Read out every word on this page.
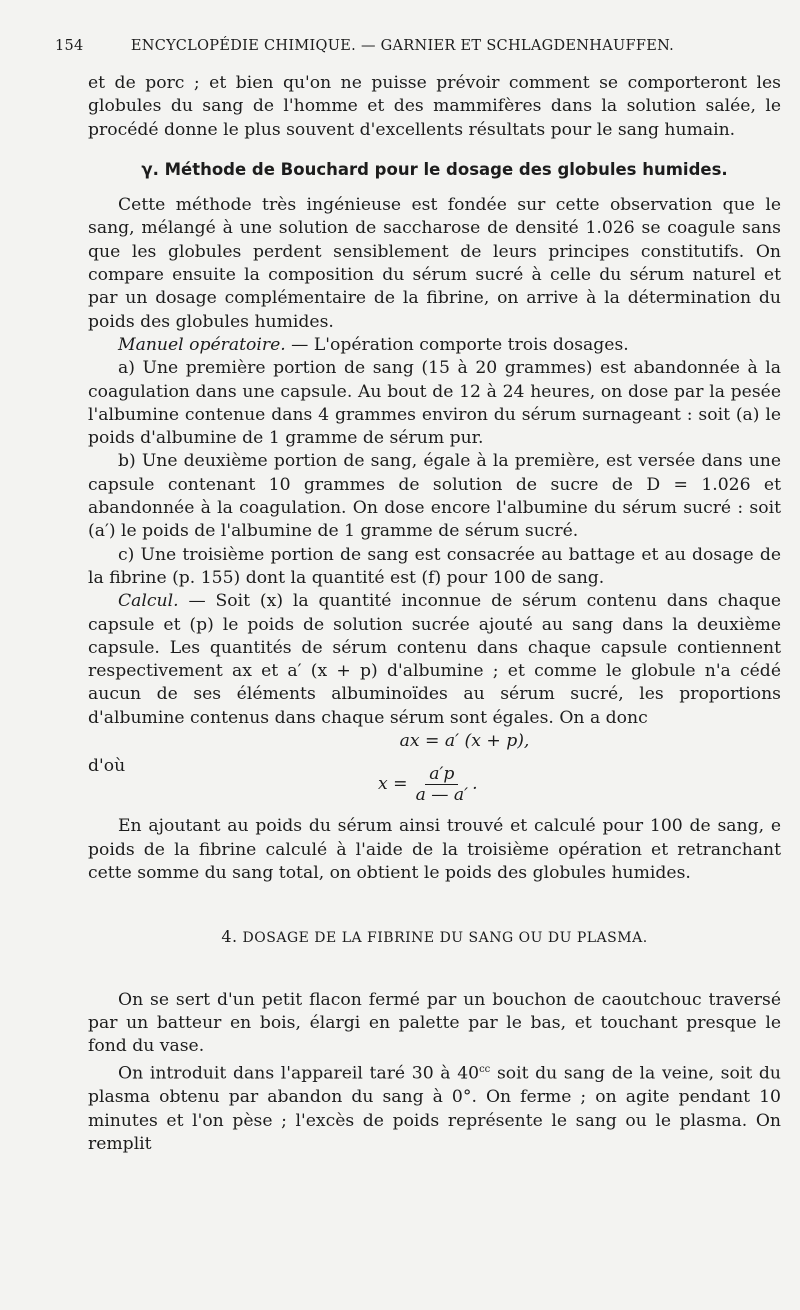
154	ENCYCLOPÉDIE CHIMIQUE. — GARNIER ET SCHLAGDENHAUFFEN.

et de porc ; et bien qu'on ne puisse prévoir comment se comporteront les globules du sang de l'homme et des mammifères dans la solution salée, le procédé donne le plus souvent d'excellents résultats pour le sang humain.

γ. Méthode de Bouchard pour le dosage des globules humides.

Cette méthode très ingénieuse est fondée sur cette observation que le sang, mélangé à une solution de saccharose de densité 1.026 se coagule sans que les globules perdent sensiblement de leurs principes constitutifs. On compare ensuite la composition du sérum sucré à celle du sérum naturel et par un dosage complémentaire de la fibrine, on arrive à la détermination du poids des globules humides.

Manuel opératoire. — L'opération comporte trois dosages.

a) Une première portion de sang (15 à 20 grammes) est abandonnée à la coagulation dans une capsule. Au bout de 12 à 24 heures, on dose par la pesée l'albumine contenue dans 4 grammes environ du sérum surnageant : soit (a) le poids d'albumine de 1 gramme de sérum pur.

b) Une deuxième portion de sang, égale à la première, est versée dans une capsule contenant 10 grammes de solution de sucre de D = 1.026 et abandonnée à la coagulation. On dose encore l'albumine du sérum sucré : soit (a′) le poids de l'albumine de 1 gramme de sérum sucré.

c) Une troisième portion de sang est consacrée au battage et au dosage de la fibrine (p. 155) dont la quantité est (f) pour 100 de sang.

Calcul. — Soit (x) la quantité inconnue de sérum contenu dans chaque capsule et (p) le poids de solution sucrée ajouté au sang dans la deuxième capsule. Les quantités de sérum contenu dans chaque capsule contiennent respectivement ax et a′ (x + p) d'albumine ; et comme le globule n'a cédé aucun de ses éléments albuminoïdes au sérum sucré, les proportions d'albumine contenus dans chaque sérum sont égales. On a donc

ax = a′ (x + p),

d'où
$x = \frac{a'p}{a — a'}$ .

En ajoutant au poids du sérum ainsi trouvé et calculé pour 100 de sang, e poids de la fibrine calculé à l'aide de la troisième opération et retranchant cette somme du sang total, on obtient le poids des globules humides.

4. DOSAGE DE LA FIBRINE DU SANG OU DU PLASMA.

On se sert d'un petit flacon fermé par un bouchon de caoutchouc traversé par un batteur en bois, élargi en palette par le bas, et touchant presque le fond du vase.

On introduit dans l'appareil taré 30 à $40^{cc}$ soit du sang de la veine, soit du plasma obtenu par abandon du sang à 0°. On ferme ; on agite pendant 10 minutes et l'on pèse ; l'excès de poids représente le sang ou le plasma. On remplit
